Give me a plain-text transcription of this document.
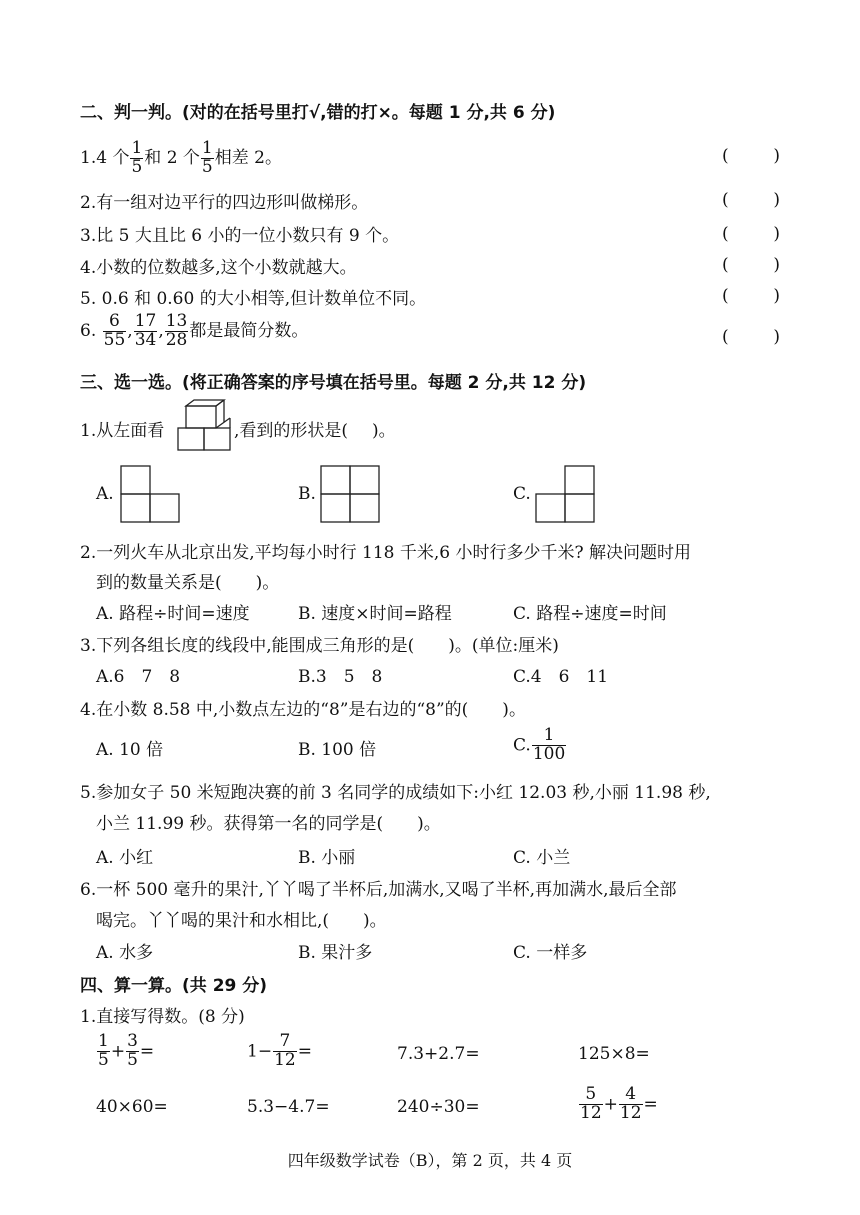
二、判一判。(对的在括号里打√,错的打×。每题 1 分,共 6 分)
1.4 个 $\frac{1}{5}$ 和 2 个 $\frac{1}{5}$ 相差 2。	(	)
2.有一组对边平行的四边形叫做梯形。	(	)
3.比 5 大且比 6 小的一位小数只有 9 个。	(	)
4.小数的位数越多,这个小数就越大。	(	)
5. 0.6 和 0.60 的大小相等,但计数单位不同。	(	)
6. $\frac{6}{55}$ , $\frac{17}{34}$ , $\frac{13}{28}$ 都是最简分数。	(	)
三、选一选。(将正确答案的序号填在括号里。每题 2 分,共 12 分)
1.从左面看	,看到的形状是( )。
A.	B.	C.
2.一列火车从北京出发,平均每小时行 118 千米,6 小时行多少千米? 解决问题时用
到的数量关系是(　　)。
A. 路程÷时间=速度	B. 速度×时间=路程	C. 路程÷速度=时间
3.下列各组长度的线段中,能围成三角形的是(　　)。(单位:厘米)
A.6　7　8	B.3　5　8	C.4　6　11
4.在小数 8.58 中,小数点左边的“8”是右边的“8”的(　　)。
A. 10 倍	B. 100 倍	C. $\frac{1}{100}$
5.参加女子 50 米短跑决赛的前 3 名同学的成绩如下:小红 12.03 秒,小丽 11.98 秒,
小兰 11.99 秒。获得第一名的同学是(　　)。
A. 小红	B. 小丽	C. 小兰
6.一杯 500 毫升的果汁,丫丫喝了半杯后,加满水,又喝了半杯,再加满水,最后全部
喝完。丫丫喝的果汁和水相比,(　　)。
A. 水多	B. 果汁多	C. 一样多
四、算一算。(共 29 分)
1.直接写得数。(8 分)
$\frac{1}{5} + \frac{3}{5}$ =	$1- \frac{7}{12}$ =	7.3+2.7=	125×8=
40×60=	5.3−4.7=	240÷30=	$\frac{5}{12} + \frac{4}{12}$ =
四年级数学试卷（B），第 2 页，共 4 页
